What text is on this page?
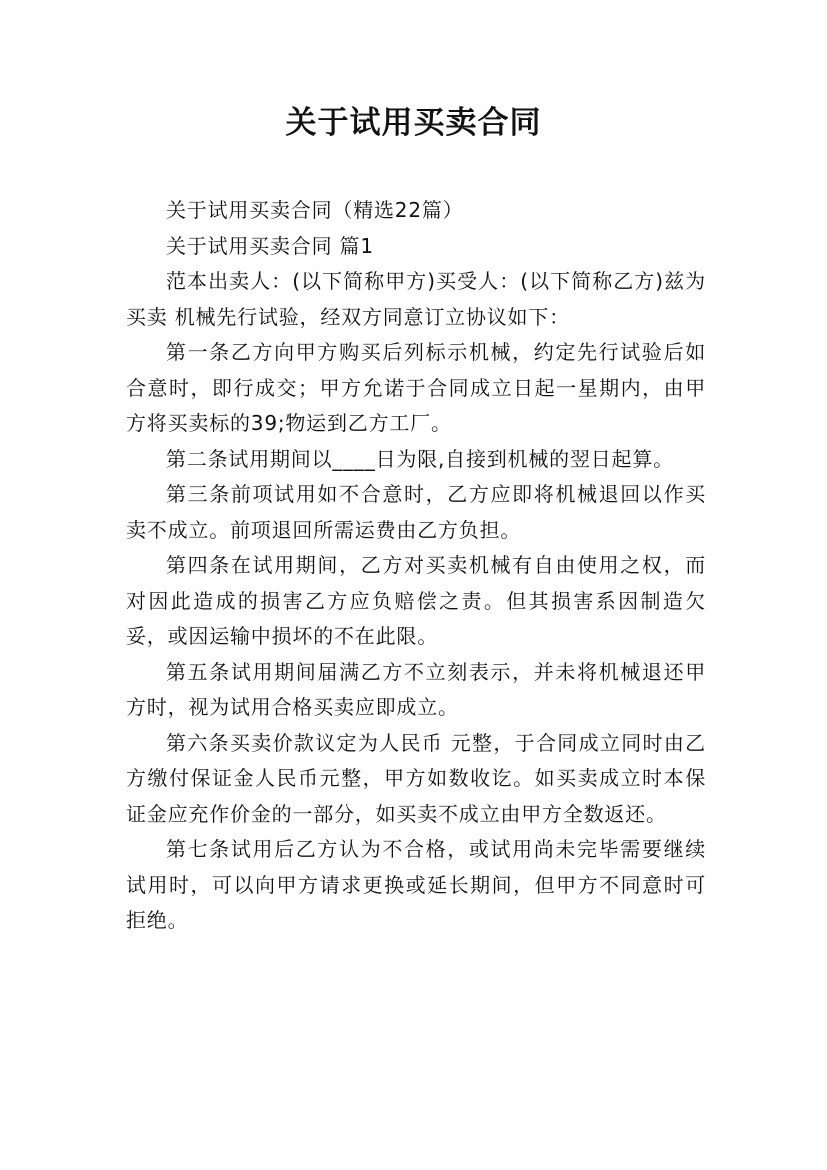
关于试用买卖合同

关于试用买卖合同（精选22篇）

关于试用买卖合同 篇1

范本出卖人：(以下简称甲方)买受人：(以下简称乙方)兹为买卖 机械先行试验，经双方同意订立协议如下：

第一条乙方向甲方购买后列标示机械，约定先行试验后如合意时，即行成交；甲方允诺于合同成立日起一星期内，由甲方将买卖标的39;物运到乙方工厂。

第二条试用期间以____日为限,自接到机械的翌日起算。

第三条前项试用如不合意时，乙方应即将机械退回以作买卖不成立。前项退回所需运费由乙方负担。

第四条在试用期间，乙方对买卖机械有自由使用之权，而对因此造成的损害乙方应负赔偿之责。但其损害系因制造欠妥，或因运输中损坏的不在此限。

第五条试用期间届满乙方不立刻表示，并未将机械退还甲方时，视为试用合格买卖应即成立。

第六条买卖价款议定为人民币 元整，于合同成立同时由乙方缴付保证金人民币元整，甲方如数收讫。如买卖成立时本保证金应充作价金的一部分，如买卖不成立由甲方全数返还。

第七条试用后乙方认为不合格，或试用尚未完毕需要继续试用时，可以向甲方请求更换或延长期间，但甲方不同意时可拒绝。
